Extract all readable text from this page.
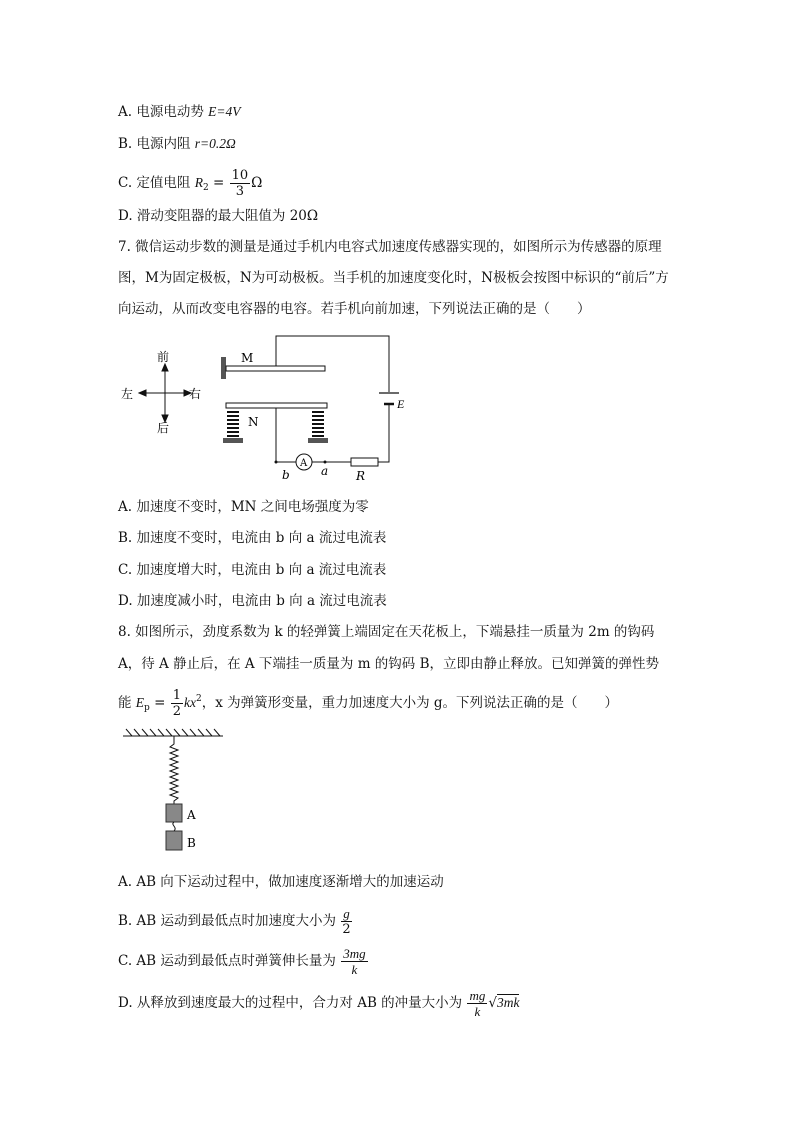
A. 电源电动势 E=4V
B. 电源内阻 r=0.2Ω
C. 定值电阻 $R_2 = \frac{10}{3}$ Ω
D. 滑动变阻器的最大阻值为 20Ω
7. 微信运动步数的测量是通过手机内电容式加速度传感器实现的，如图所示为传感器的原理图，M为固定极板，N为可动极板。当手机的加速度变化时，N极板会按图中标识的“前后”方向运动，从而改变电容器的电容。若手机向前加速，下列说法正确的是（　　）
前
后
左	右
M
N
E
R
A
b	a
A. 加速度不变时，MN 之间电场强度为零
B. 加速度不变时，电流由 b 向 a 流过电流表
C. 加速度增大时，电流由 b 向 a 流过电流表
D. 加速度减小时，电流由 b 向 a 流过电流表
8. 如图所示，劲度系数为 k 的轻弹簧上端固定在天花板上，下端悬挂一质量为 2m 的钩码
A，待 A 静止后，在 A 下端挂一质量为 m 的钩码 B，立即由静止释放。已知弹簧的弹性势
能 $E_p = \frac{1}{2} kx^2$，x 为弹簧形变量，重力加速度大小为 g。下列说法正确的是（　　）
A
B
A. AB 向下运动过程中，做加速度逐渐增大的加速运动
B. AB 运动到最低点时加速度大小为 $\frac{g}{2}$
C. AB 运动到最低点时弹簧伸长量为 $\frac{3mg}{k}$
D. 从释放到速度最大的过程中，合力对 AB 的冲量大小为 $\frac{mg}{k} √3mk$
